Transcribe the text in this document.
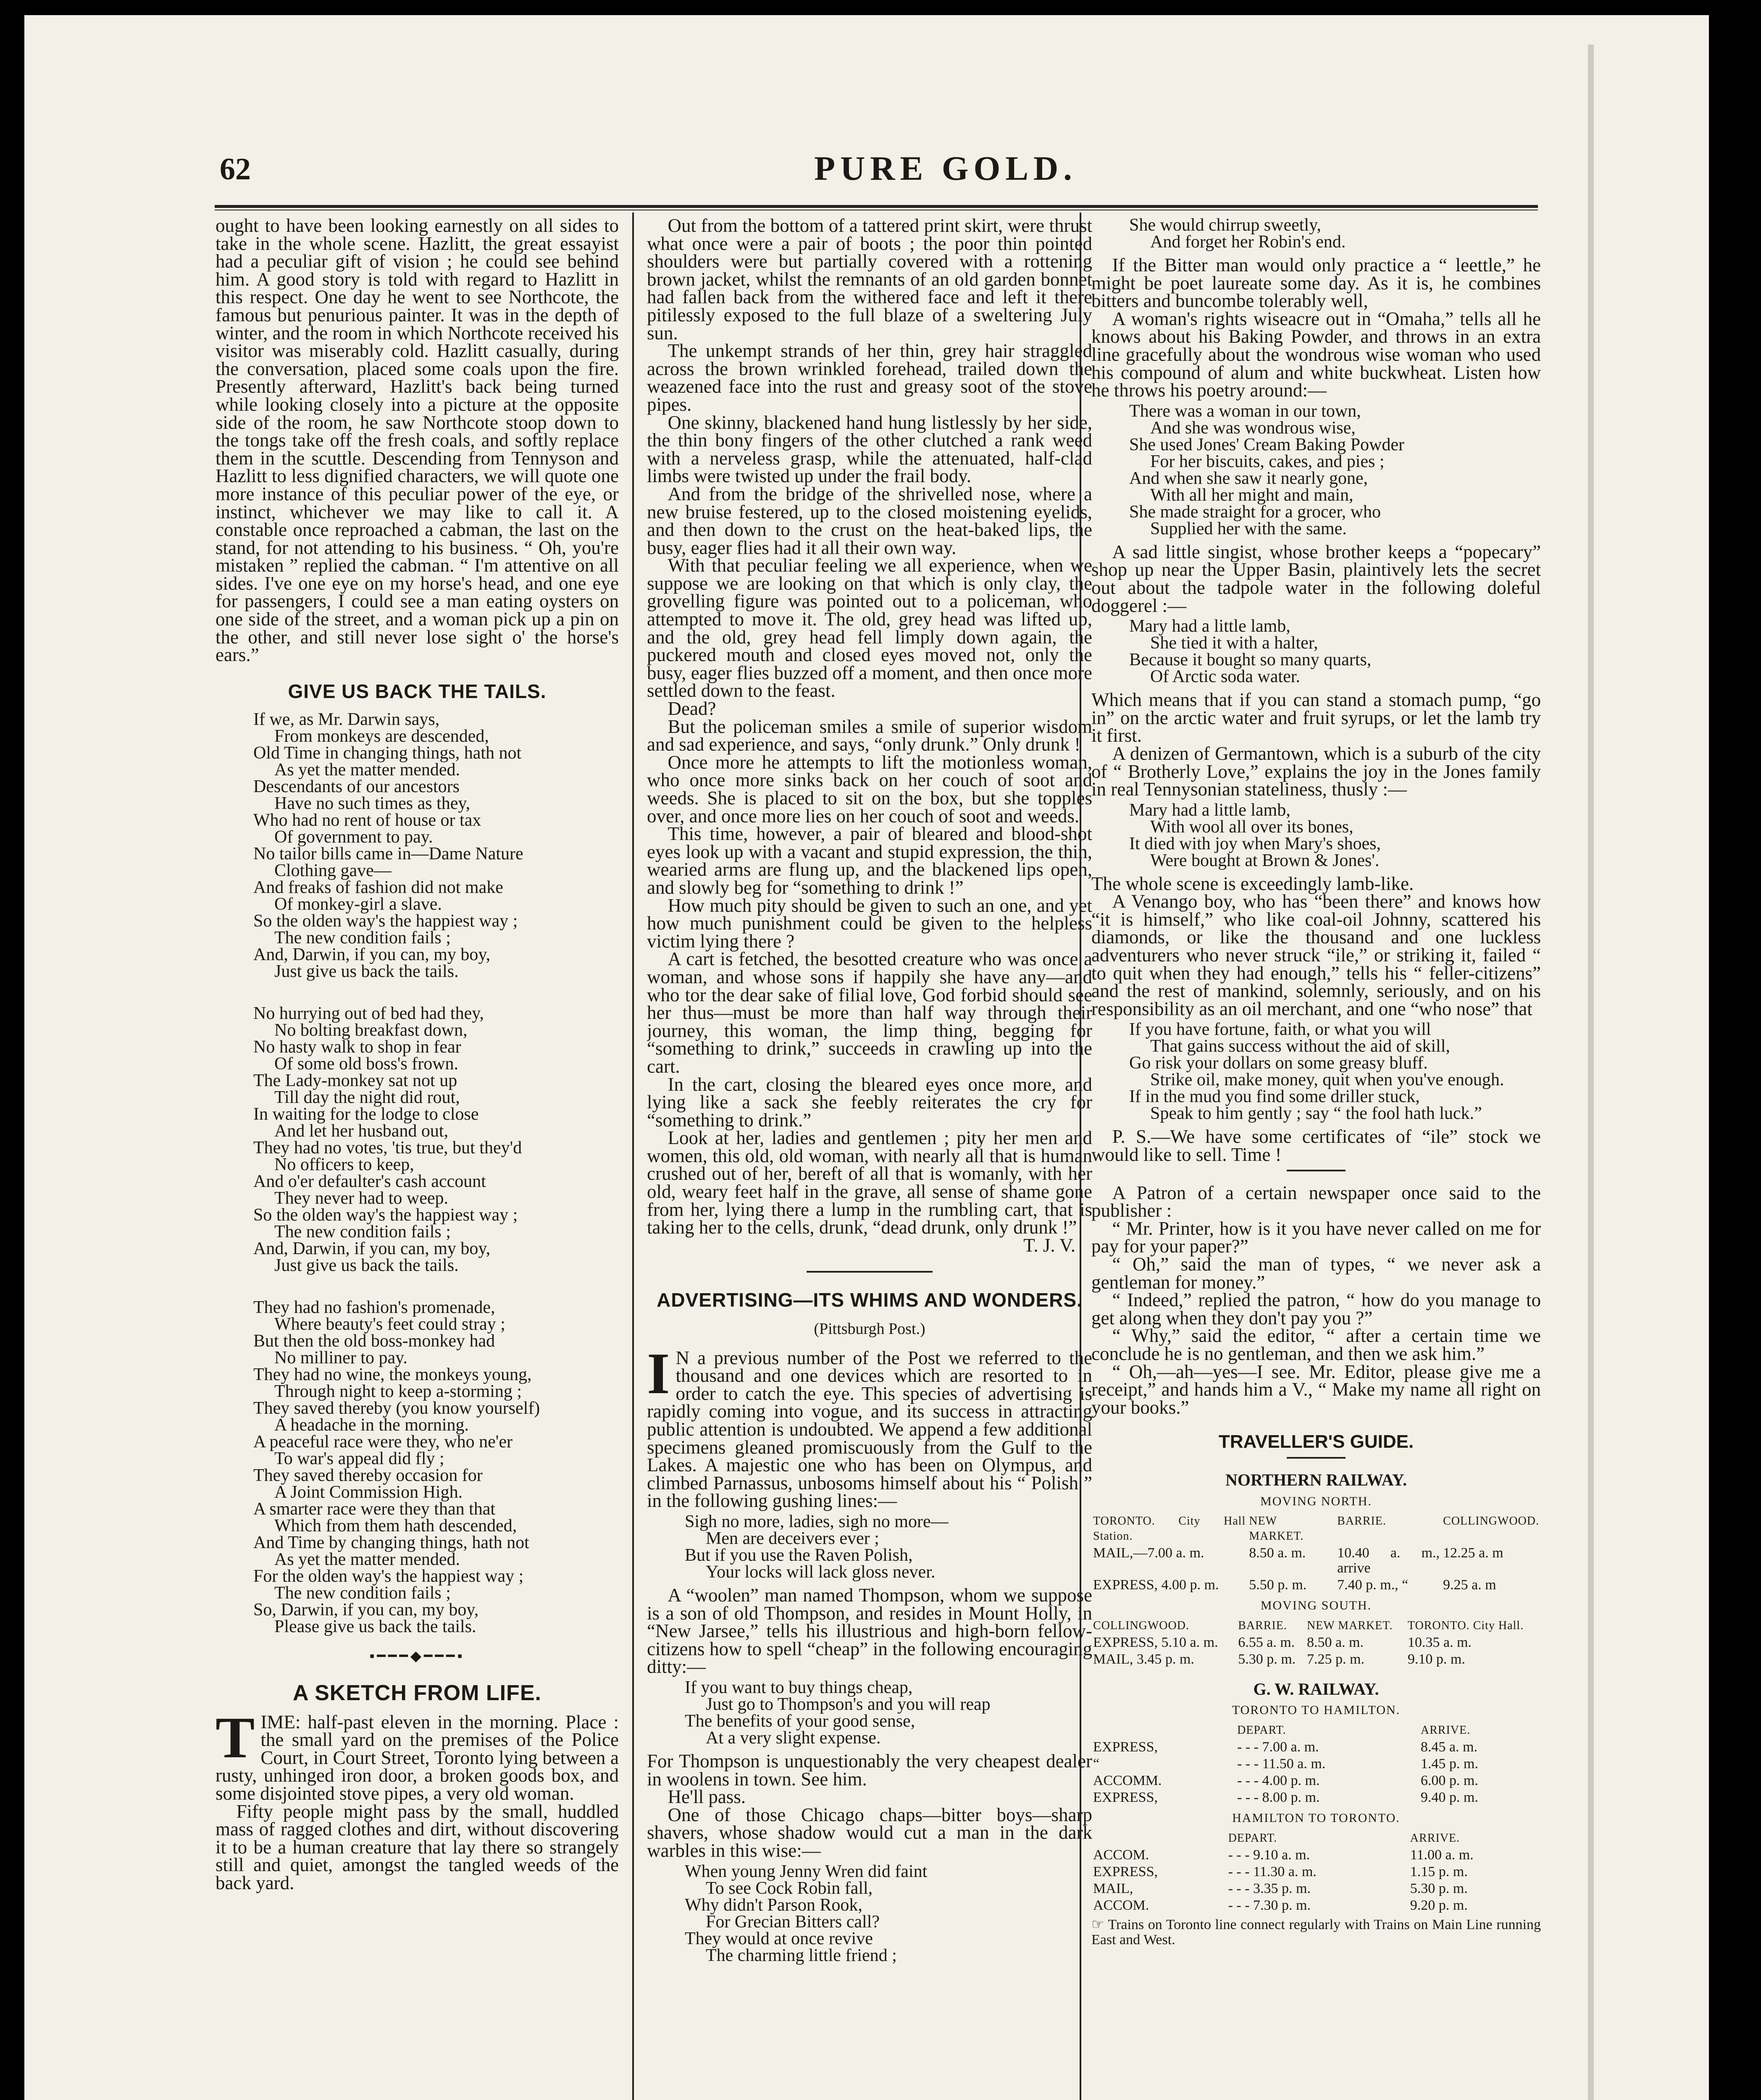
62	PURE GOLD.

ought to have been looking earnestly on all sides to take in the whole scene. Hazlitt, the great essayist had a peculiar gift of vision ; he could see behind him. A good story is told with regard to Hazlitt in this respect. One day he went to see Northcote, the famous but penurious painter. It was in the depth of winter, and the room in which Northcote received his visitor was miserably cold. Hazlitt casually, during the conversation, placed some coals upon the fire. Presently afterward, Hazlitt's back being turned while looking closely into a picture at the opposite side of the room, he saw Northcote stoop down to the tongs take off the fresh coals, and softly replace them in the scuttle. Descending from Tennyson and Hazlitt to less dignified characters, we will quote one more instance of this peculiar power of the eye, or instinct, whichever we may like to call it. A constable once reproached a cabman, the last on the stand, for not attending to his business. “ Oh, you're mistaken ” replied the cabman. “ I'm attentive on all sides. I've one eye on my horse's head, and one eye for passengers, I could see a man eating oysters on one side of the street, and a woman pick up a pin on the other, and still never lose sight o' the horse's ears.”

GIVE US BACK THE TAILS.
If we, as Mr. Darwin says,
From monkeys are descended,
Old Time in changing things, hath not
As yet the matter mended.
Descendants of our ancestors
Have no such times as they,
Who had no rent of house or tax
Of government to pay.
No tailor bills came in—Dame Nature
Clothing gave—
And freaks of fashion did not make
Of monkey-girl a slave.
So the olden way's the happiest way ;
The new condition fails ;
And, Darwin, if you can, my boy,
Just give us back the tails.
No hurrying out of bed had they,
No bolting breakfast down,
No hasty walk to shop in fear
Of some old boss's frown.
The Lady-monkey sat not up
Till day the night did rout,
In waiting for the lodge to close
And let her husband out,
They had no votes, 'tis true, but they'd
No officers to keep,
And o'er defaulter's cash account
They never had to weep.
So the olden way's the happiest way ;
The new condition fails ;
And, Darwin, if you can, my boy,
Just give us back the tails.
They had no fashion's promenade,
Where beauty's feet could stray ;
But then the old boss-monkey had
No milliner to pay.
They had no wine, the monkeys young,
Through night to keep a-storming ;
They saved thereby (you know yourself)
A headache in the morning.
A peaceful race were they, who ne'er
To war's appeal did fly ;
They saved thereby occasion for
A Joint Commission High.
A smarter race were they than that
Which from them hath descended,
And Time by changing things, hath not
As yet the matter mended.
For the olden way's the happiest way ;
The new condition fails ;
So, Darwin, if you can, my boy,
Please give us back the tails.
▪━━━◆━━━▪
A SKETCH FROM LIFE.

TIME: half-past eleven in the morning. Place : the small yard on the premises of the Police Court, in Court Street, Toronto lying between a rusty, unhinged iron door, a broken goods box, and some disjointed stove pipes, a very old woman.

Fifty people might pass by the small, huddled mass of ragged clothes and dirt, without discovering it to be a human creature that lay there so strangely still and quiet, amongst the tangled weeds of the back yard.

Out from the bottom of a tattered print skirt, were thrust what once were a pair of boots ; the poor thin pointed shoulders were but partially covered with a rottening brown jacket, whilst the remnants of an old garden bonnet had fallen back from the withered face and left it there pitilessly exposed to the full blaze of a sweltering July sun.

The unkempt strands of her thin, grey hair straggled across the brown wrinkled forehead, trailed down the weazened face into the rust and greasy soot of the stove pipes.

One skinny, blackened hand hung listlessly by her side, the thin bony fingers of the other clutched a rank weed with a nerveless grasp, while the attenuated, half-clad limbs were twisted up under the frail body.

And from the bridge of the shrivelled nose, where a new bruise festered, up to the closed moistening eyelids, and then down to the crust on the heat-baked lips, the busy, eager flies had it all their own way.

With that peculiar feeling we all experience, when we suppose we are looking on that which is only clay, the grovelling figure was pointed out to a policeman, who attempted to move it. The old, grey head was lifted up, and the old, grey head fell limply down again, the puckered mouth and closed eyes moved not, only the busy, eager flies buzzed off a moment, and then once more settled down to the feast.

Dead?

But the policeman smiles a smile of superior wisdom and sad experience, and says, “only drunk.” Only drunk !

Once more he attempts to lift the motionless woman, who once more sinks back on her couch of soot and weeds. She is placed to sit on the box, but she topples over, and once more lies on her couch of soot and weeds.

This time, however, a pair of bleared and blood-shot eyes look up with a vacant and stupid expression, the thin, wearied arms are flung up, and the blackened lips open, and slowly beg for “something to drink !”

How much pity should be given to such an one, and yet how much punishment could be given to the helpless victim lying there ?

A cart is fetched, the besotted creature who was once a woman, and whose sons if happily she have any—and who tor the dear sake of filial love, God forbid should see her thus—must be more than half way through their journey, this woman, the limp thing, begging for “something to drink,” succeeds in crawling up into the cart.

In the cart, closing the bleared eyes once more, and lying like a sack she feebly reiterates the cry for “something to drink.”

Look at her, ladies and gentlemen ; pity her men and women, this old, old woman, with nearly all that is human crushed out of her, bereft of all that is womanly, with her old, weary feet half in the grave, all sense of shame gone from her, lying there a lump in the rumbling cart, that is taking her to the cells, drunk, “dead drunk, only drunk !”

T. J. V.
ADVERTISING—ITS WHIMS AND WONDERS.
(Pittsburgh Post.)

I N a previous number of the Post we referred to the thousand and one devices which are resorted to in order to catch the eye. This species of advertising is rapidly coming into vogue, and its success in attracting public attention is undoubted. We append a few additional specimens gleaned promiscuously from the Gulf to the Lakes. A majestic one who has been on Olympus, and climbed Parnassus, unbosoms himself about his “ Polish ” in the following gushing lines:—

Sigh no more, ladies, sigh no more—
Men are deceivers ever ;
But if you use the Raven Polish,
Your locks will lack gloss never.

A “woolen” man named Thompson, whom we suppose is a son of old Thompson, and resides in Mount Holly, in “New Jarsee,” tells his illustrious and high-born fellow-citizens how to spell “cheap” in the following encouraging ditty:—

If you want to buy things cheap,
Just go to Thompson's and you will reap
The benefits of your good sense,
At a very slight expense.

For Thompson is unquestionably the very cheapest dealer in woolens in town. See him.

He'll pass.

One of those Chicago chaps—bitter boys—sharp shavers, whose shadow would cut a man in the dark warbles in this wise:—

When young Jenny Wren did faint
To see Cock Robin fall,
Why didn't Parson Rook,
For Grecian Bitters call?
They would at once revive
The charming little friend ;
She would chirrup sweetly,
And forget her Robin's end.

If the Bitter man would only practice a “ leettle,” he might be poet laureate some day. As it is, he combines bitters and buncombe tolerably well,

A woman's rights wiseacre out in “Omaha,” tells all he knows about his Baking Powder, and throws in an extra line gracefully about the wondrous wise woman who used his compound of alum and white buckwheat. Listen how he throws his poetry around:—

There was a woman in our town,
And she was wondrous wise,
She used Jones' Cream Baking Powder
For her biscuits, cakes, and pies ;
And when she saw it nearly gone,
With all her might and main,
She made straight for a grocer, who
Supplied her with the same.

A sad little singist, whose brother keeps a “popecary” shop up near the Upper Basin, plaintively lets the secret out about the tadpole water in the following doleful doggerel :—

Mary had a little lamb,
She tied it with a halter,
Because it bought so many quarts,
Of Arctic soda water.

Which means that if you can stand a stomach pump, “go in” on the arctic water and fruit syrups, or let the lamb try it first.

A denizen of Germantown, which is a suburb of the city of “ Brotherly Love,” explains the joy in the Jones family in real Tennysonian stateliness, thusly :—

Mary had a little lamb,
With wool all over its bones,
It died with joy when Mary's shoes,
Were bought at Brown & Jones'.

The whole scene is exceedingly lamb-like.

A Venango boy, who has “been there” and knows how “it is himself,” who like coal-oil Johnny, scattered his diamonds, or like the thousand and one luckless adventurers who never struck “ile,” or striking it, failed “ to quit when they had enough,” tells his “ feller-citizens” and the rest of mankind, solemnly, seriously, and on his responsibility as an oil merchant, and one “who nose” that

If you have fortune, faith, or what you will
That gains success without the aid of skill,
Go risk your dollars on some greasy bluff.
Strike oil, make money, quit when you've enough.
If in the mud you find some driller stuck,
Speak to him gently ; say “ the fool hath luck.”

P. S.—We have some certificates of “ile” stock we would like to sell. Time !

A Patron of a certain newspaper once said to the publisher :

“ Mr. Printer, how is it you have never called on me for pay for your paper?”

“ Oh,” said the man of types, “ we never ask a gentleman for money.”

“ Indeed,” replied the patron, “ how do you manage to get along when they don't pay you ?”

“ Why,” said the editor, “ after a certain time we conclude he is no gentleman, and then we ask him.”

“ Oh,—ah—yes—I see. Mr. Editor, please give me a receipt,” and hands him a V., “ Make my name all right on your books.”

TRAVELLER'S GUIDE.
NORTHERN RAILWAY.
MOVING NORTH.
TORONTO. City Hall Station.	NEW MARKET.	BARRIE.	COLLINGWOOD.
MAIL,—7.00 a. m.	8.50 a. m.	10.40 a. m., arrive	12.25 a. m
EXPRESS, 4.00 p. m.	5.50 p. m.	7.40 p. m., “	9.25 a. m
MOVING SOUTH.
COLLINGWOOD.	BARRIE.	NEW MARKET.	TORONTO. City Hall.
EXPRESS, 5.10 a. m.	6.55 a. m.	8.50 a. m.	10.35 a. m.
MAIL, 3.45 p. m.	5.30 p. m.	7.25 p. m.	9.10 p. m.
G. W. RAILWAY.
TORONTO TO HAMILTON.
	DEPART.	ARRIVE.
EXPRESS,	- - - 7.00 a. m.	8.45 a. m.
“	- - - 11.50 a. m.	1.45 p. m.
ACCOMM.	- - - 4.00 p. m.	6.00 p. m.
EXPRESS,	- - - 8.00 p. m.	9.40 p. m.
HAMILTON TO TORONTO.
	DEPART.	ARRIVE.
ACCOM.	- - - 9.10 a. m.	11.00 a. m.
EXPRESS,	- - - 11.30 a. m.	1.15 p. m.
MAIL,	- - - 3.35 p. m.	5.30 p. m.
ACCOM.	- - - 7.30 p. m.	9.20 p. m.
☞ Trains on Toronto line connect regularly with Trains on Main Line running East and West.
